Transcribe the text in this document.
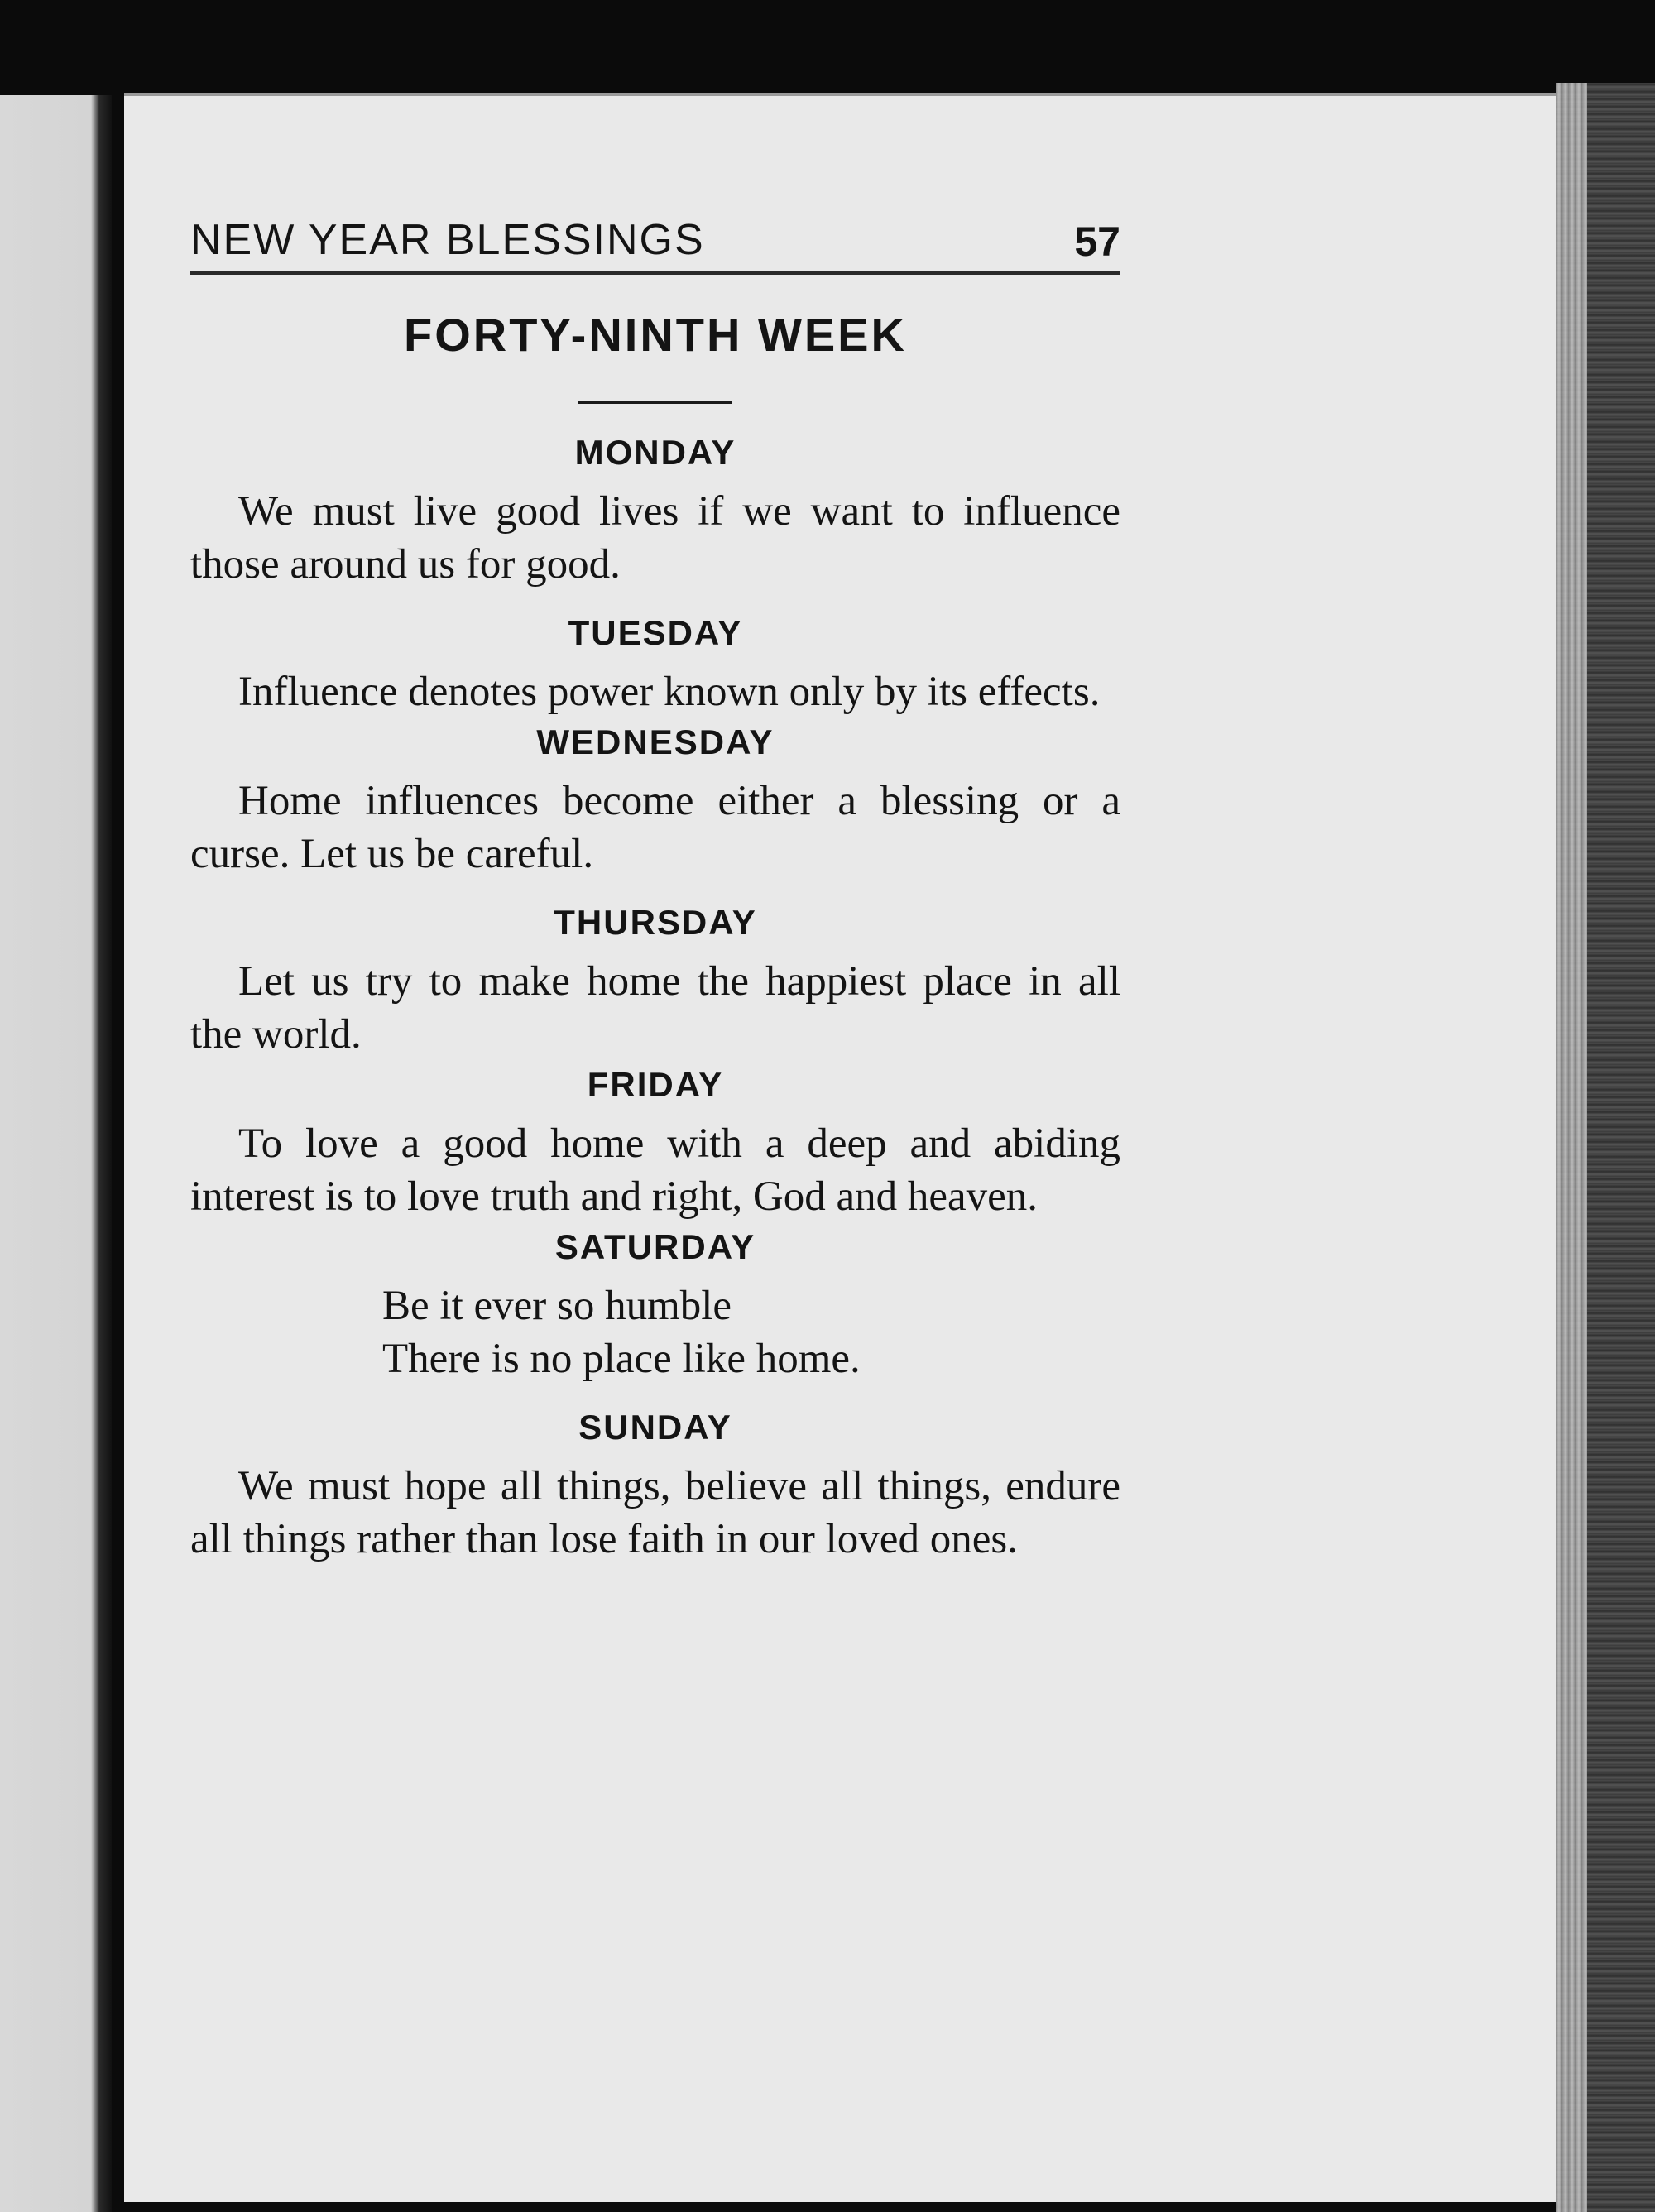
NEW YEAR BLESSINGS	57
FORTY-NINTH WEEK
MONDAY

We must live good lives if we want to influence those around us for good.

TUESDAY

Influence denotes power known only by its effects.

WEDNESDAY

Home influences become either a blessing or a curse. Let us be careful.

THURSDAY

Let us try to make home the happiest place in all the world.

FRIDAY

To love a good home with a deep and abiding interest is to love truth and right, God and heaven.

SATURDAY
Be it ever so humble
There is no place like home.
SUNDAY

We must hope all things, believe all things, endure all things rather than lose faith in our loved ones.
